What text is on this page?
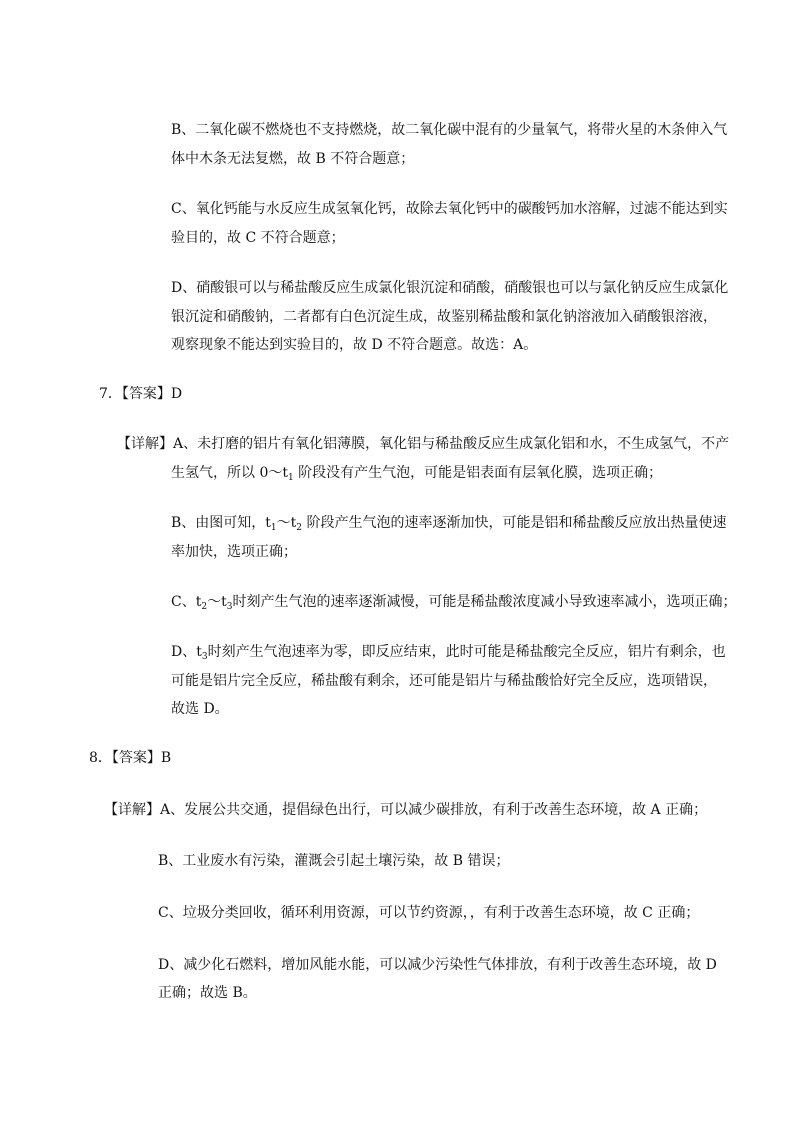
B、二氧化碳不燃烧也不支持燃烧，故二氧化碳中混有的少量氧气，将带火星的木条伸入气
体中木条无法复燃，故 B 不符合题意；
C、氧化钙能与水反应生成氢氧化钙，故除去氧化钙中的碳酸钙加水溶解，过滤不能达到实
验目的，故 C 不符合题意；
D、硝酸银可以与稀盐酸反应生成氯化银沉淀和硝酸，硝酸银也可以与氯化钠反应生成氯化
银沉淀和硝酸钠，二者都有白色沉淀生成，故鉴别稀盐酸和氯化钠溶液加入硝酸银溶液，
观察现象不能达到实验目的，故 D 不符合题意。故选：A。
7．【答案】D
【详解】A、未打磨的铝片有氧化铝薄膜，氧化铝与稀盐酸反应生成氯化铝和水，不生成氢气，不产
生氢气，所以 $0\sim t_1$ 阶段没有产生气泡，可能是铝表面有层氧化膜，选项正确；
B、由图可知，$t_1\sim t_2$ 阶段产生气泡的速率逐渐加快，可能是铝和稀盐酸反应放出热量使速
率加快，选项正确；
C、$t_2\sim t_3$时刻产生气泡的速率逐渐减慢，可能是稀盐酸浓度减小导致速率减小，选项正确；
D、$t_3$时刻产生气泡速率为零，即反应结束，此时可能是稀盐酸完全反应，铝片有剩余，也
可能是铝片完全反应，稀盐酸有剩余，还可能是铝片与稀盐酸恰好完全反应，选项错误，
故选 D。
8．【答案】B
【详解】A、发展公共交通，提倡绿色出行，可以减少碳排放，有利于改善生态环境，故 A 正确；
B、工业废水有污染，灌溉会引起土壤污染，故 B 错误；
C、垃圾分类回收，循环利用资源，可以节约资源，，有利于改善生态环境，故 C 正确；
D、减少化石燃料，增加风能水能，可以减少污染性气体排放，有利于改善生态环境，故 D
正确；故选 B。
